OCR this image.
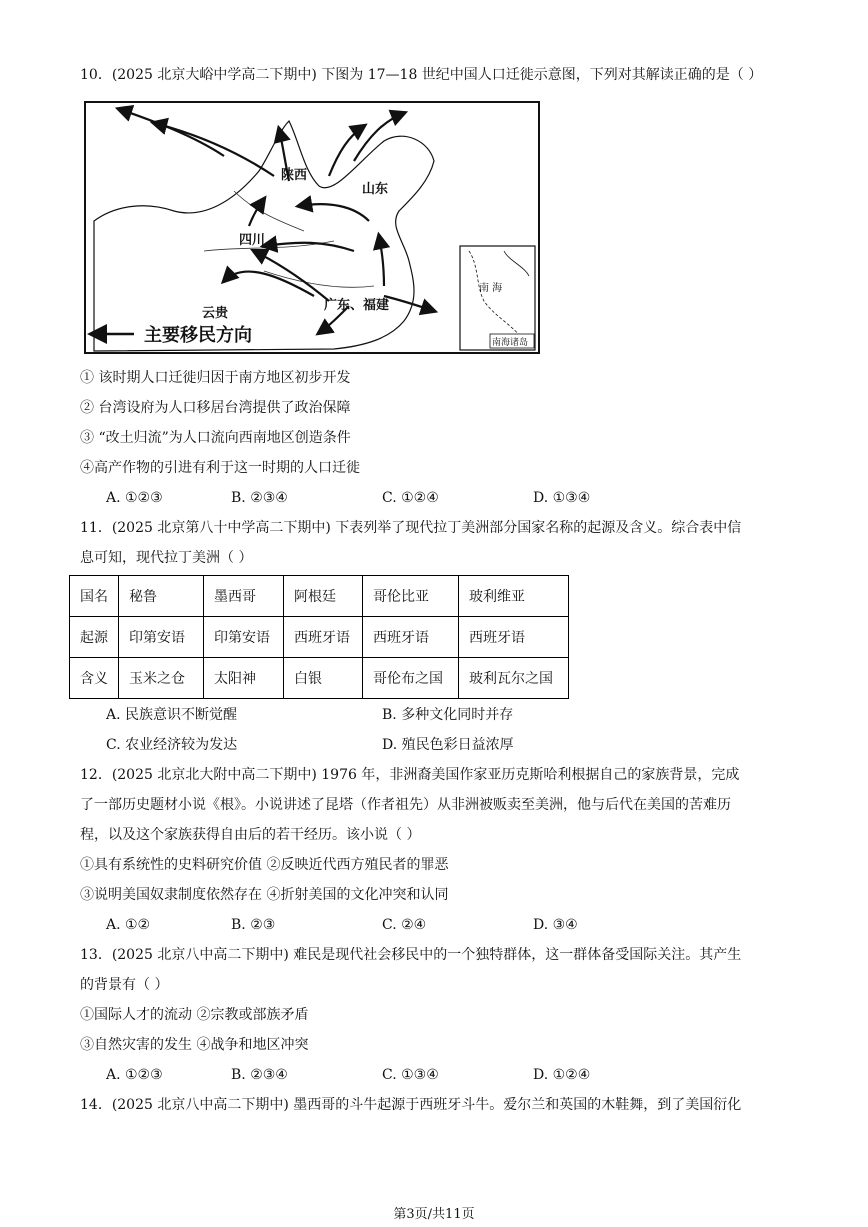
10．(2025 北京大峪中学高二下期中) 下图为 17—18 世纪中国人口迁徙示意图，下列对其解读正确的是（ ）
陕西
山东
四川
云贵
广东、福建
主要移民方向
南 海
南海诸岛
① 该时期人口迁徙归因于南方地区初步开发
② 台湾设府为人口移居台湾提供了政治保障
③ “改土归流”为人口流向西南地区创造条件
④高产作物的引进有利于这一时期的人口迁徙
A. ①②③	B. ②③④	C. ①②④	D. ①③④
11．(2025 北京第八十中学高二下期中) 下表列举了现代拉丁美洲部分国家名称的起源及含义。综合表中信
息可知，现代拉丁美洲（ ）
国名	秘鲁	墨西哥	阿根廷	哥伦比亚	玻利维亚
起源	印第安语	印第安语	西班牙语	西班牙语	西班牙语
含义	玉米之仓	太阳神	白银	哥伦布之国	玻利瓦尔之国
A. 民族意识不断觉醒	B. 多种文化同时并存
C. 农业经济较为发达	D. 殖民色彩日益浓厚
12．(2025 北京北大附中高二下期中) 1976 年，非洲裔美国作家亚历克斯哈利根据自己的家族背景，完成
了一部历史题材小说《根》。小说讲述了昆塔（作者祖先）从非洲被贩卖至美洲，他与后代在美国的苦难历
程，以及这个家族获得自由后的若干经历。该小说（ ）
①具有系统性的史料研究价值 ②反映近代西方殖民者的罪恶
③说明美国奴隶制度依然存在 ④折射美国的文化冲突和认同
A. ①②	B. ②③	C. ②④	D. ③④
13．(2025 北京八中高二下期中) 难民是现代社会移民中的一个独特群体，这一群体备受国际关注。其产生
的背景有（ ）
①国际人才的流动 ②宗教或部族矛盾
③自然灾害的发生 ④战争和地区冲突
A. ①②③	B. ②③④	C. ①③④	D. ①②④
14．(2025 北京八中高二下期中) 墨西哥的斗牛起源于西班牙斗牛。爱尔兰和英国的木鞋舞，到了美国衍化
第3页/共11页
